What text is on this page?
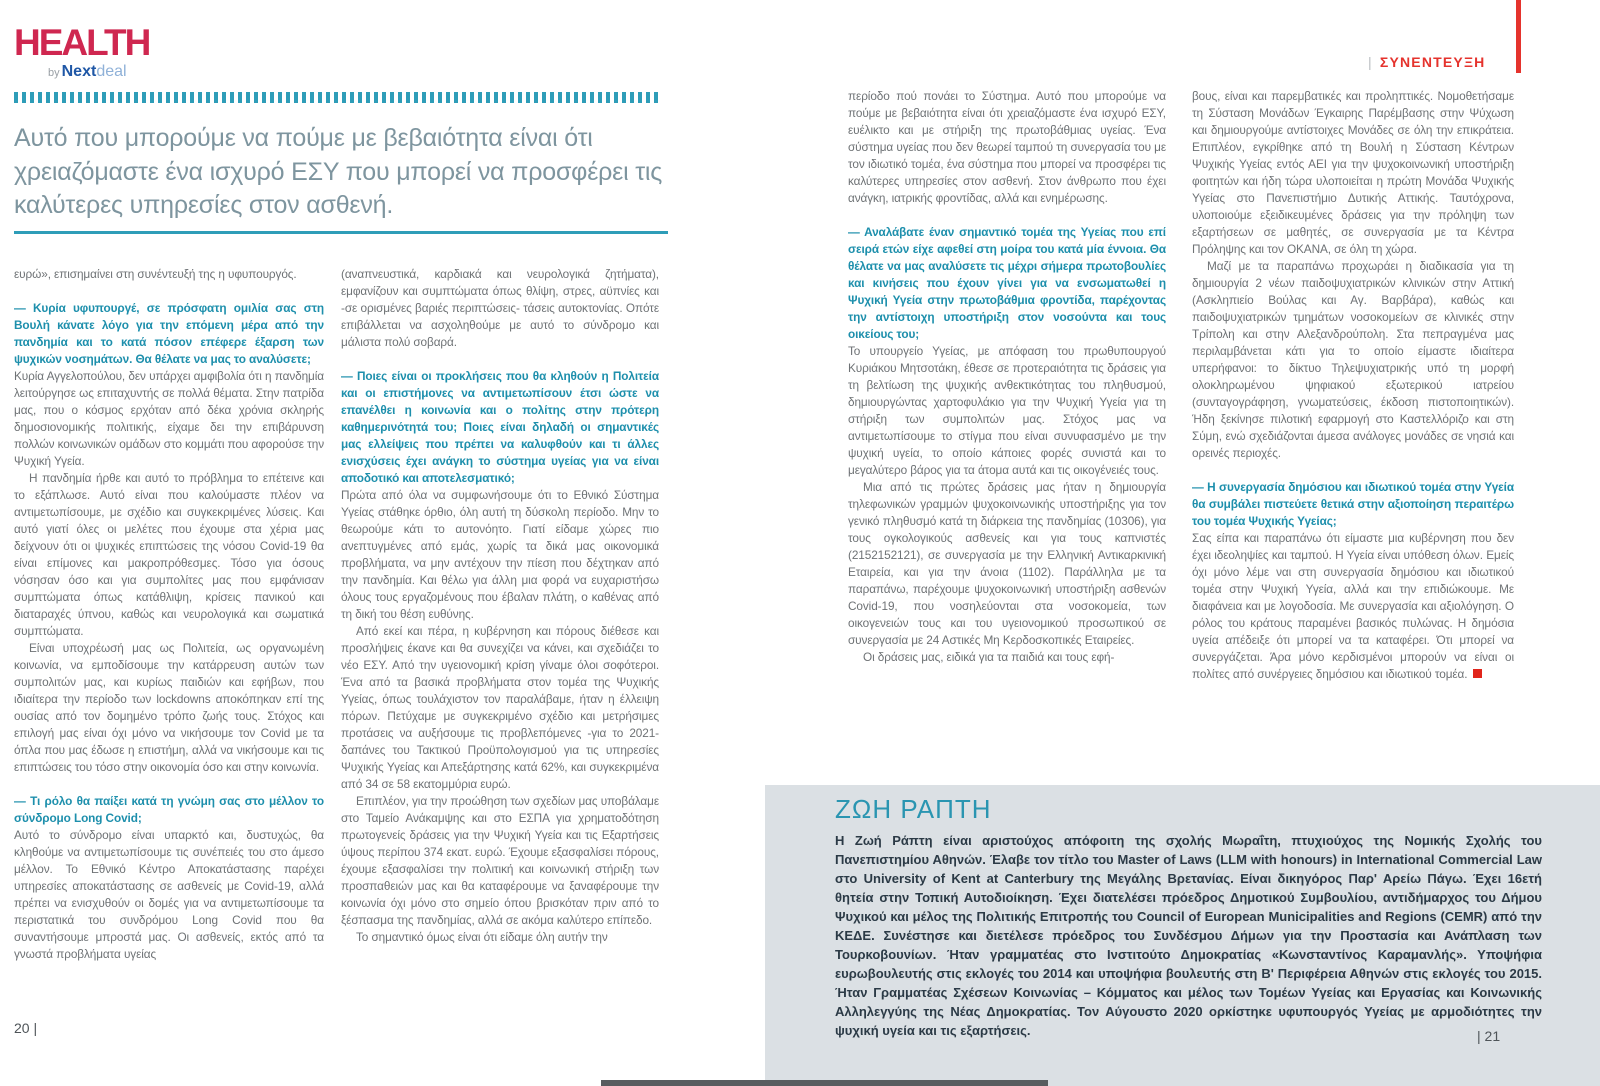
HEALTH
by Nextdeal
| ΣΥΝΕΝΤΕΥΞΗ
Αυτό που μπορούμε να πούμε με βεβαιότητα είναι ότι χρειαζόμαστε ένα ισχυρό ΕΣΥ που μπορεί να προσφέρει τις καλύτερες υπηρεσίες στον ασθενή.

ευρώ», επισημαίνει στη συνέντευξή της η υφυπουργός.

— Κυρία υφυπουργέ, σε πρόσφατη ομιλία σας στη Βουλή κάνατε λόγο για την επόμενη μέρα από την πανδημία και το κατά πόσον επέφερε έξαρση των ψυχικών νοσημάτων. Θα θέλατε να μας το αναλύσετε;

Κυρία Αγγελοπούλου, δεν υπάρχει αμφιβολία ότι η πανδημία λειτούργησε ως επιταχυντής σε πολλά θέματα. Στην πατρίδα μας, που ο κόσμος ερχόταν από δέκα χρόνια σκληρής δημοσιονομικής πολιτικής, είχαμε δει την επιβάρυνση πολλών κοινωνικών ομάδων στο κομμάτι που αφορούσε την Ψυχική Υγεία.

Η πανδημία ήρθε και αυτό το πρόβλημα το επέτεινε και το εξάπλωσε. Αυτό είναι που καλούμαστε πλέον να αντιμετωπίσουμε, με σχέδιο και συγκεκριμένες λύσεις. Και αυτό γιατί όλες οι μελέτες που έχουμε στα χέρια μας δείχνουν ότι οι ψυχικές επιπτώσεις της νόσου Covid-19 θα είναι επίμονες και μακροπρόθεσμες. Τόσο για όσους νόσησαν όσο και για συμπολίτες μας που εμφάνισαν συμπτώματα όπως κατάθλιψη, κρίσεις πανικού και διαταραχές ύπνου, καθώς και νευρολογικά και σωματικά συμπτώματα.

Είναι υποχρέωσή μας ως Πολιτεία, ως οργανωμένη κοινωνία, να εμποδίσουμε την κατάρρευση αυτών των συμπολιτών μας, και κυρίως παιδιών και εφήβων, που ιδιαίτερα την περίοδο των lockdowns αποκόπηκαν επί της ουσίας από τον δομημένο τρόπο ζωής τους. Στόχος και επιλογή μας είναι όχι μόνο να νικήσουμε τον Covid με τα όπλα που μας έδωσε η επιστήμη, αλλά να νικήσουμε και τις επιπτώσεις του τόσο στην οικονομία όσο και στην κοινωνία.

— Τι ρόλο θα παίξει κατά τη γνώμη σας στο μέλλον το σύνδρομο Long Covid;

Αυτό το σύνδρομο είναι υπαρκτό και, δυστυχώς, θα κληθούμε να αντιμετωπίσουμε τις συνέπειές του στο άμεσο μέλλον. Το Εθνικό Κέντρο Αποκατάστασης παρέχει υπηρεσίες αποκατάστασης σε ασθενείς με Covid-19, αλλά πρέπει να ενισχυθούν οι δομές για να αντιμετωπίσουμε τα περιστατικά του συνδρόμου Long Covid που θα συναντήσουμε μπροστά μας. Οι ασθενείς, εκτός από τα γνωστά προβλήματα υγείας

(αναπνευστικά, καρδιακά και νευρολογικά ζητήματα), εμφανίζουν και συμπτώματα όπως θλίψη, στρες, αϋπνίες και -σε ορισμένες βαριές περιπτώσεις- τάσεις αυτοκτονίας. Οπότε επιβάλλεται να ασχοληθούμε με αυτό το σύνδρομο και μάλιστα πολύ σοβαρά.

— Ποιες είναι οι προκλήσεις που θα κληθούν η Πολιτεία και οι επιστήμονες να αντιμετωπίσουν έτσι ώστε να επανέλθει η κοινωνία και ο πολίτης στην πρότερη καθημερινότητά του; Ποιες είναι δηλαδή οι σημαντικές μας ελλείψεις που πρέπει να καλυφθούν και τι άλλες ενισχύσεις έχει ανάγκη το σύστημα υγείας για να είναι αποδοτικό και αποτελεσματικό;

Πρώτα από όλα να συμφωνήσουμε ότι το Εθνικό Σύστημα Υγείας στάθηκε όρθιο, όλη αυτή τη δύσκολη περίοδο. Μην το θεωρούμε κάτι το αυτονόητο. Γιατί είδαμε χώρες πιο ανεπτυγμένες από εμάς, χωρίς τα δικά μας οικονομικά προβλήματα, να μην αντέχουν την πίεση που δέχτηκαν από την πανδημία. Και θέλω για άλλη μια φορά να ευχαριστήσω όλους τους εργαζομένους που έβαλαν πλάτη, ο καθένας από τη δική του θέση ευθύνης.

Από εκεί και πέρα, η κυβέρνηση και πόρους διέθεσε και προσλήψεις έκανε και θα συνεχίζει να κάνει, και σχεδιάζει το νέο ΕΣΥ. Από την υγειονομική κρίση γίναμε όλοι σοφότεροι. Ένα από τα βασικά προβλήματα στον τομέα της Ψυχικής Υγείας, όπως τουλάχιστον τον παραλάβαμε, ήταν η έλλειψη πόρων. Πετύχαμε με συγκεκριμένο σχέδιο και μετρήσιμες προτάσεις να αυξήσουμε τις προβλεπόμενες -για το 2021- δαπάνες του Τακτικού Προϋπολογισμού για τις υπηρεσίες Ψυχικής Υγείας και Απεξάρτησης κατά 62%, και συγκεκριμένα από 34 σε 58 εκατομμύρια ευρώ.

Επιπλέον, για την προώθηση των σχεδίων μας υποβάλαμε στο Ταμείο Ανάκαμψης και στο ΕΣΠΑ για χρηματοδότηση πρωτογενείς δράσεις για την Ψυχική Υγεία και τις Εξαρτήσεις ύψους περίπου 374 εκατ. ευρώ. Έχουμε εξασφαλίσει πόρους, έχουμε εξασφαλίσει την πολιτική και κοινωνική στήριξη των προσπαθειών μας και θα καταφέρουμε να ξαναφέρουμε την κοινωνία όχι μόνο στο σημείο όπου βρισκόταν πριν από το ξέσπασμα της πανδημίας, αλλά σε ακόμα καλύτερο επίπεδο.

Το σημαντικό όμως είναι ότι είδαμε όλη αυτήν την

περίοδο πού πονάει το Σύστημα. Αυτό που μπορούμε να πούμε με βεβαιότητα είναι ότι χρειαζόμαστε ένα ισχυρό ΕΣΥ, ευέλικτο και με στήριξη της πρωτοβάθμιας υγείας. Ένα σύστημα υγείας που δεν θεωρεί ταμπού τη συνεργασία του με τον ιδιωτικό τομέα, ένα σύστημα που μπορεί να προσφέρει τις καλύτερες υπηρεσίες στον ασθενή. Στον άνθρωπο που έχει ανάγκη, ιατρικής φροντίδας, αλλά και ενημέρωσης.

— Αναλάβατε έναν σημαντικό τομέα της Υγείας που επί σειρά ετών είχε αφεθεί στη μοίρα του κατά μία έννοια. Θα θέλατε να μας αναλύσετε τις μέχρι σήμερα πρωτοβουλίες και κινήσεις που έχουν γίνει για να ενσωματωθεί η Ψυχική Υγεία στην πρωτοβάθμια φροντίδα, παρέχοντας την αντίστοιχη υποστήριξη στον νοσούντα και τους οικείους του;

Το υπουργείο Υγείας, με απόφαση του πρωθυπουργού Κυριάκου Μητσοτάκη, έθεσε σε προτεραιότητα τις δράσεις για τη βελτίωση της ψυχικής ανθεκτικότητας του πληθυσμού, δημιουργώντας χαρτοφυλάκιο για την Ψυχική Υγεία για τη στήριξη των συμπολιτών μας. Στόχος μας να αντιμετωπίσουμε το στίγμα που είναι συνυφασμένο με την ψυχική υγεία, το οποίο κάποιες φορές συνιστά και το μεγαλύτερο βάρος για τα άτομα αυτά και τις οικογένειές τους.

Μια από τις πρώτες δράσεις μας ήταν η δημιουργία τηλεφωνικών γραμμών ψυχοκοινωνικής υποστήριξης για τον γενικό πληθυσμό κατά τη διάρκεια της πανδημίας (10306), για τους ογκολογικούς ασθενείς και για τους καπνιστές (2152152121), σε συνεργασία με την Ελληνική Αντικαρκινική Εταιρεία, και για την άνοια (1102). Παράλληλα με τα παραπάνω, παρέχουμε ψυχοκοινωνική υποστήριξη ασθενών Covid-19, που νοσηλεύονται στα νοσοκομεία, των οικογενειών τους και του υγειονομικού προσωπικού σε συνεργασία με 24 Αστικές Μη Κερδοσκοπικές Εταιρείες.

Οι δράσεις μας, ειδικά για τα παιδιά και τους εφή-

βους, είναι και παρεμβατικές και προληπτικές. Νομοθετήσαμε τη Σύσταση Μονάδων Έγκαιρης Παρέμβασης στην Ψύχωση και δημιουργούμε αντίστοιχες Μονάδες σε όλη την επικράτεια. Επιπλέον, εγκρίθηκε από τη Βουλή η Σύσταση Κέντρων Ψυχικής Υγείας εντός ΑΕΙ για την ψυχοκοινωνική υποστήριξη φοιτητών και ήδη τώρα υλοποιείται η πρώτη Μονάδα Ψυχικής Υγείας στο Πανεπιστήμιο Δυτικής Αττικής. Ταυτόχρονα, υλοποιούμε εξειδικευμένες δράσεις για την πρόληψη των εξαρτήσεων σε μαθητές, σε συνεργασία με τα Κέντρα Πρόληψης και τον ΟΚΑΝΑ, σε όλη τη χώρα.

Μαζί με τα παραπάνω προχωράει η διαδικασία για τη δημιουργία 2 νέων παιδοψυχιατρικών κλινικών στην Αττική (Ασκληπιείο Βούλας και Αγ. Βαρβάρα), καθώς και παιδοψυχιατρικών τμημάτων νοσοκομείων σε κλινικές στην Τρίπολη και στην Αλεξανδρούπολη. Στα πεπραγμένα μας περιλαμβάνεται κάτι για το οποίο είμαστε ιδιαίτερα υπερήφανοι: το δίκτυο Τηλεψυχιατρικής υπό τη μορφή ολοκληρωμένου ψηφιακού εξωτερικού ιατρείου (συνταγογράφηση, γνωματεύσεις, έκδοση πιστοποιητικών). Ήδη ξεκίνησε πιλοτική εφαρμογή στο Καστελλόριζο και στη Σύμη, ενώ σχεδιάζονται άμεσα ανάλογες μονάδες σε νησιά και ορεινές περιοχές.

— Η συνεργασία δημόσιου και ιδιωτικού τομέα στην Υγεία θα συμβάλει πιστεύετε θετικά στην αξιοποίηση περαιτέρω του τομέα Ψυχικής Υγείας;

Σας είπα και παραπάνω ότι είμαστε μια κυβέρνηση που δεν έχει ιδεοληψίες και ταμπού. Η Υγεία είναι υπόθεση όλων. Εμείς όχι μόνο λέμε ναι στη συνεργασία δημόσιου και ιδιωτικού τομέα στην Ψυχική Υγεία, αλλά και την επιδιώκουμε. Με διαφάνεια και με λογοδοσία. Με συνεργασία και αξιολόγηση. Ο ρόλος του κράτους παραμένει βασικός πυλώνας. Η δημόσια υγεία απέδειξε ότι μπορεί να τα καταφέρει. Ότι μπορεί να συνεργάζεται. Άρα μόνο κερδισμένοι μπορούν να είναι οι πολίτες από συνέργειες δημόσιου και ιδιωτικού τομέα.

ΖΩΗ ΡΑΠΤΗ

Η Ζωή Ράπτη είναι αριστούχος απόφοιτη της σχολής Μωραΐτη, πτυχιούχος της Νομικής Σχολής του Πανεπιστημίου Αθηνών. Έλαβε τον τίτλο του Master of Laws (LLM with honours) in International Commercial Law στο University of Kent at Canterbury της Μεγάλης Βρετανίας. Είναι δικηγόρος Παρ' Αρείω Πάγω. Έχει 16ετή θητεία στην Τοπική Αυτοδιοίκηση. Έχει διατελέσει πρόεδρος Δημοτικού Συμβουλίου, αντιδήμαρχος του Δήμου Ψυχικού και μέλος της Πολιτικής Επιτροπής του Council of European Municipalities and Regions (CEMR) από την ΚΕΔΕ. Συνέστησε και διετέλεσε πρόεδρος του Συνδέσμου Δήμων για την Προστασία και Ανάπλαση των Τουρκοβουνίων. Ήταν γραμματέας στο Ινστιτούτο Δημοκρατίας «Κωνσταντίνος Καραμανλής». Υποψήφια ευρωβουλευτής στις εκλογές του 2014 και υποψήφια βουλευτής στη Β' Περιφέρεια Αθηνών στις εκλογές του 2015. Ήταν Γραμματέας Σχέσεων Κοινωνίας – Κόμματος και μέλος των Τομέων Υγείας και Εργασίας και Κοινωνικής Αλληλεγγύης της Νέας Δημοκρατίας. Τον Αύγουστο 2020 ορκίστηκε υφυπουργός Υγείας με αρμοδιότητες την ψυχική υγεία και τις εξαρτήσεις.

20 |	| 21
